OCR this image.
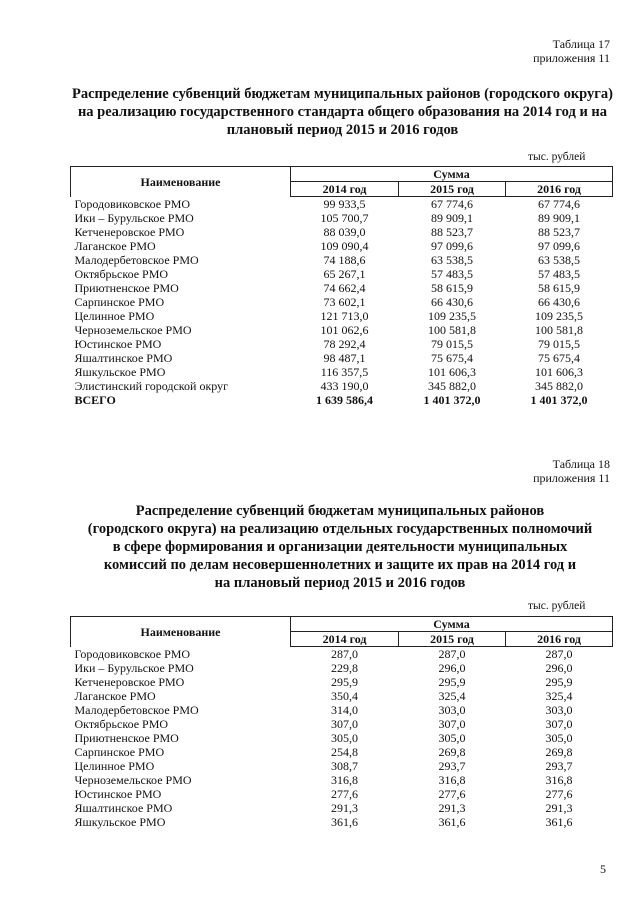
Таблица 17
приложения 11
Распределение субвенций бюджетам муниципальных районов (городского округа) на реализацию государственного стандарта общего образования на 2014 год и на плановый период 2015 и 2016 годов
тыс. рублей
Наименование	Сумма		
	2014 год	2015 год	2016 год
Городовиковское РМО	99 933,5	67 774,6	67 774,6
Ики – Бурульское РМО	105 700,7	89 909,1	89 909,1
Кетченеровское РМО	88 039,0	88 523,7	88 523,7
Лаганское РМО	109 090,4	97 099,6	97 099,6
Малодербетовское РМО	74 188,6	63 538,5	63 538,5
Октябрьское РМО	65 267,1	57 483,5	57 483,5
Приютненское РМО	74 662,4	58 615,9	58 615,9
Сарпинское РМО	73 602,1	66 430,6	66 430,6
Целинное РМО	121 713,0	109 235,5	109 235,5
Черноземельское РМО	101 062,6	100 581,8	100 581,8
Юстинское РМО	78 292,4	79 015,5	79 015,5
Яшалтинское РМО	98 487,1	75 675,4	75 675,4
Яшкульское РМО	116 357,5	101 606,3	101 606,3
Элистинский городской округ	433 190,0	345 882,0	345 882,0
ВСЕГО	1 639 586,4	1 401 372,0	1 401 372,0
Таблица 18
приложения 11
Распределение субвенций бюджетам муниципальных районов
(городского округа) на реализацию отдельных государственных полномочий
в сфере формирования и организации деятельности муниципальных
комиссий по делам несовершеннолетних и защите их прав на 2014 год и
на плановый период 2015 и 2016 годов
тыс. рублей
Наименование	Сумма		
	2014 год	2015 год	2016 год
Городовиковское РМО	287,0	287,0	287,0
Ики – Бурульское РМО	229,8	296,0	296,0
Кетченеровское РМО	295,9	295,9	295,9
Лаганское РМО	350,4	325,4	325,4
Малодербетовское РМО	314,0	303,0	303,0
Октябрьское РМО	307,0	307,0	307,0
Приютненское РМО	305,0	305,0	305,0
Сарпинское РМО	254,8	269,8	269,8
Целинное РМО	308,7	293,7	293,7
Черноземельское РМО	316,8	316,8	316,8
Юстинское РМО	277,6	277,6	277,6
Яшалтинское РМО	291,3	291,3	291,3
Яшкульское РМО	361,6	361,6	361,6
5
